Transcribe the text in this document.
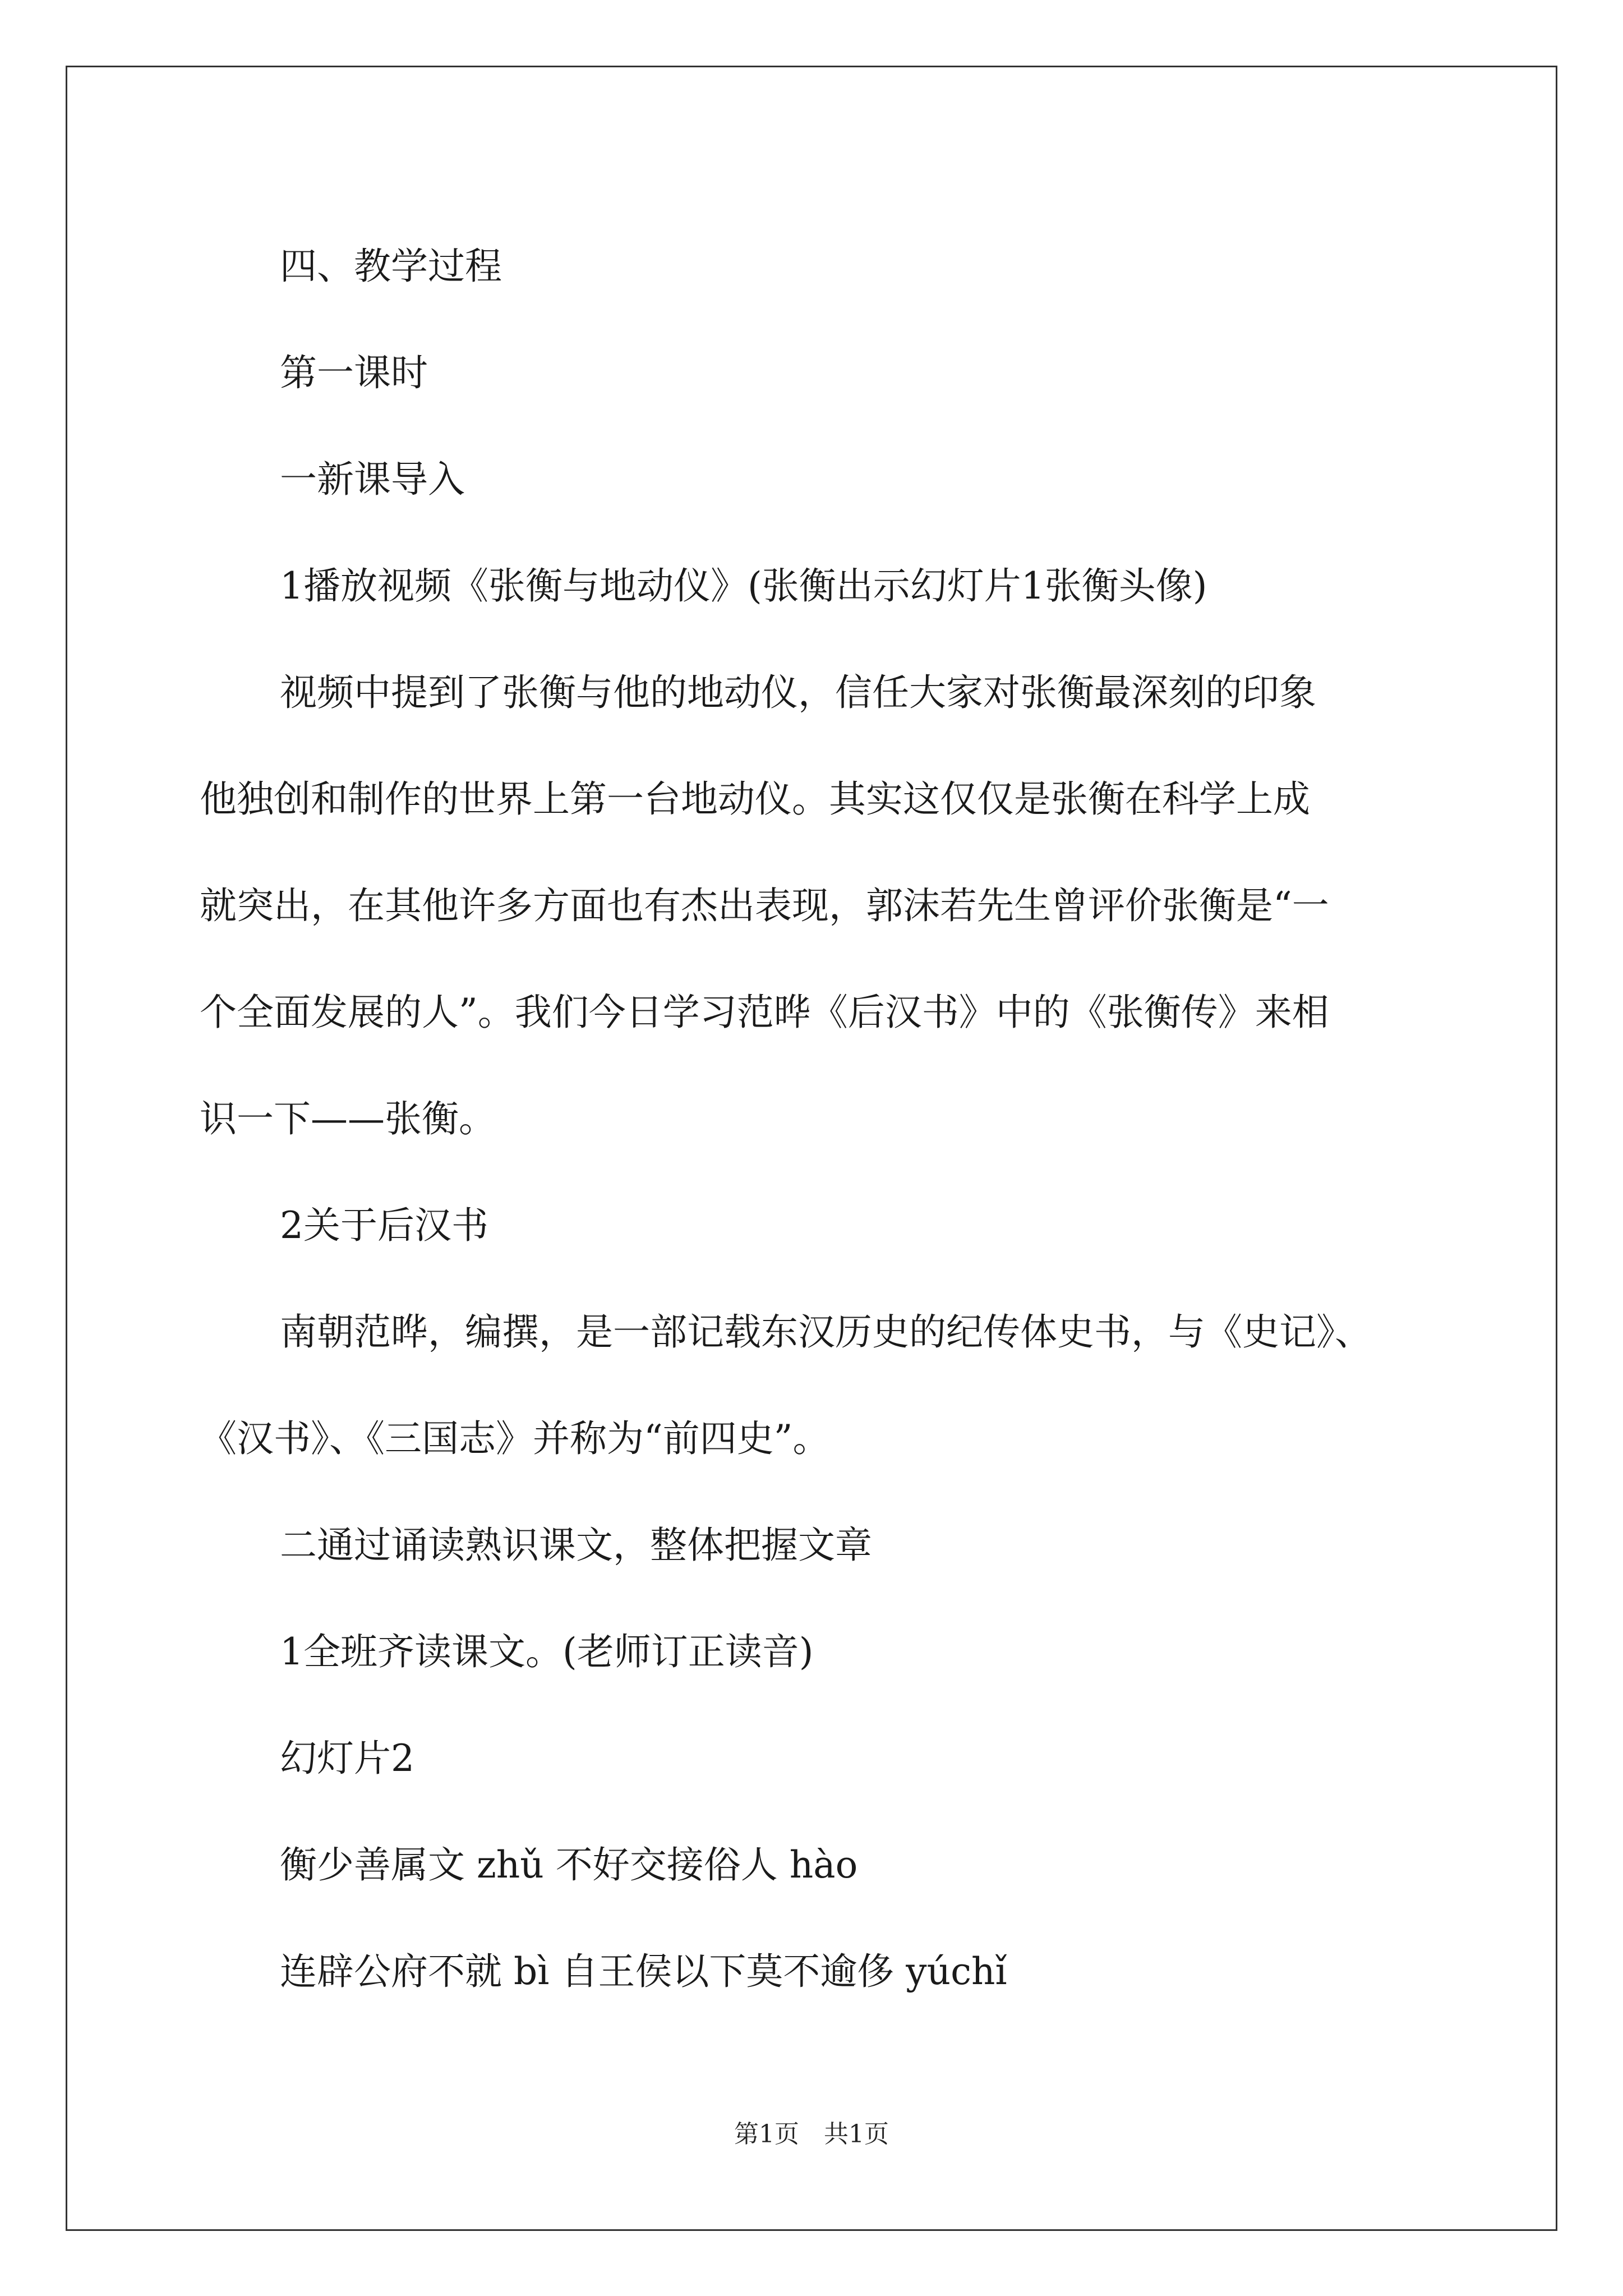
四、教学过程

第一课时

一新课导入

1播放视频《张衡与地动仪》(张衡出示幻灯片1张衡头像)

视频中提到了张衡与他的地动仪，信任大家对张衡最深刻的印象

他独创和制作的世界上第一台地动仪。其实这仅仅是张衡在科学上成

就突出，在其他许多方面也有杰出表现，郭沫若先生曾评价张衡是“一

个全面发展的人”。我们今日学习范晔《后汉书》中的《张衡传》来相

识一下——张衡。

2关于后汉书

南朝范晔，编撰，是一部记载东汉历史的纪传体史书，与《史记》、

《汉书》、《三国志》并称为“前四史”。

二通过诵读熟识课文，整体把握文章

1全班齐读课文。(老师订正读音)

幻灯片2

衡少善属文 zhǔ 不好交接俗人 hào

连辟公府不就 bì 自王侯以下莫不逾侈 yúchǐ

第1页　共1页
